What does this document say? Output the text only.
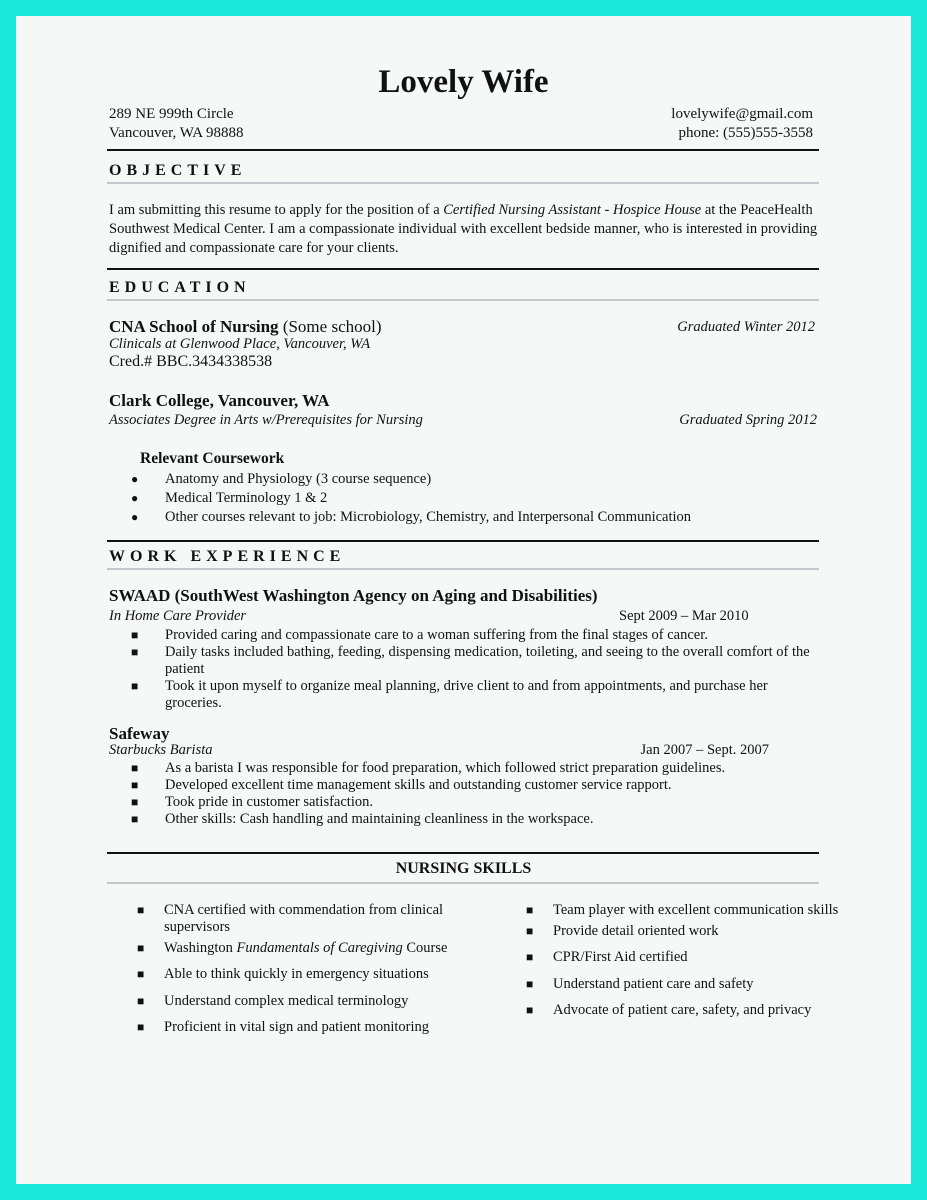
Lovely Wife
289 NE 999th Circle
Vancouver, WA 98888
lovelywife@gmail.com
phone: (555)555-3558
OBJECTIVE
I am submitting this resume to apply for the position of a Certified Nursing Assistant - Hospice House at the PeaceHealth Southwest Medical Center. I am a compassionate individual with excellent bedside manner, who is interested in providing dignified and compassionate care for your clients.
EDUCATION
CNA School of Nursing (Some school)	Graduated Winter 2012
Clinicals at Glenwood Place, Vancouver, WA
Cred.# BBC.3434338538
Clark College, Vancouver, WA
Associates Degree in Arts w/Prerequisites for Nursing	Graduated Spring 2012
Relevant Coursework
● Anatomy and Physiology (3 course sequence)
● Medical Terminology 1 & 2
● Other courses relevant to job: Microbiology, Chemistry, and Interpersonal Communication
WORK EXPERIENCE
SWAAD (SouthWest Washington Agency on Aging and Disabilities)
In Home Care Provider	Sept 2009 – Mar 2010
■ Provided caring and compassionate care to a woman suffering from the final stages of cancer.
■ Daily tasks included bathing, feeding, dispensing medication, toileting, and seeing to the overall comfort of the patient
■ Took it upon myself to organize meal planning, drive client to and from appointments, and purchase her groceries.
Safeway
Starbucks Barista	Jan 2007 – Sept. 2007
■ As a barista I was responsible for food preparation, which followed strict preparation guidelines.
■ Developed excellent time management skills and outstanding customer service rapport.
■ Took pride in customer satisfaction.
■ Other skills: Cash handling and maintaining cleanliness in the workspace.
NURSING SKILLS
■ CNA certified with commendation from clinical supervisors
■ Washington Fundamentals of Caregiving Course
■ Able to think quickly in emergency situations
■ Understand complex medical terminology
■ Proficient in vital sign and patient monitoring
■ Team player with excellent communication skills
■ Provide detail oriented work
■ CPR/First Aid certified
■ Understand patient care and safety
■ Advocate of patient care, safety, and privacy
